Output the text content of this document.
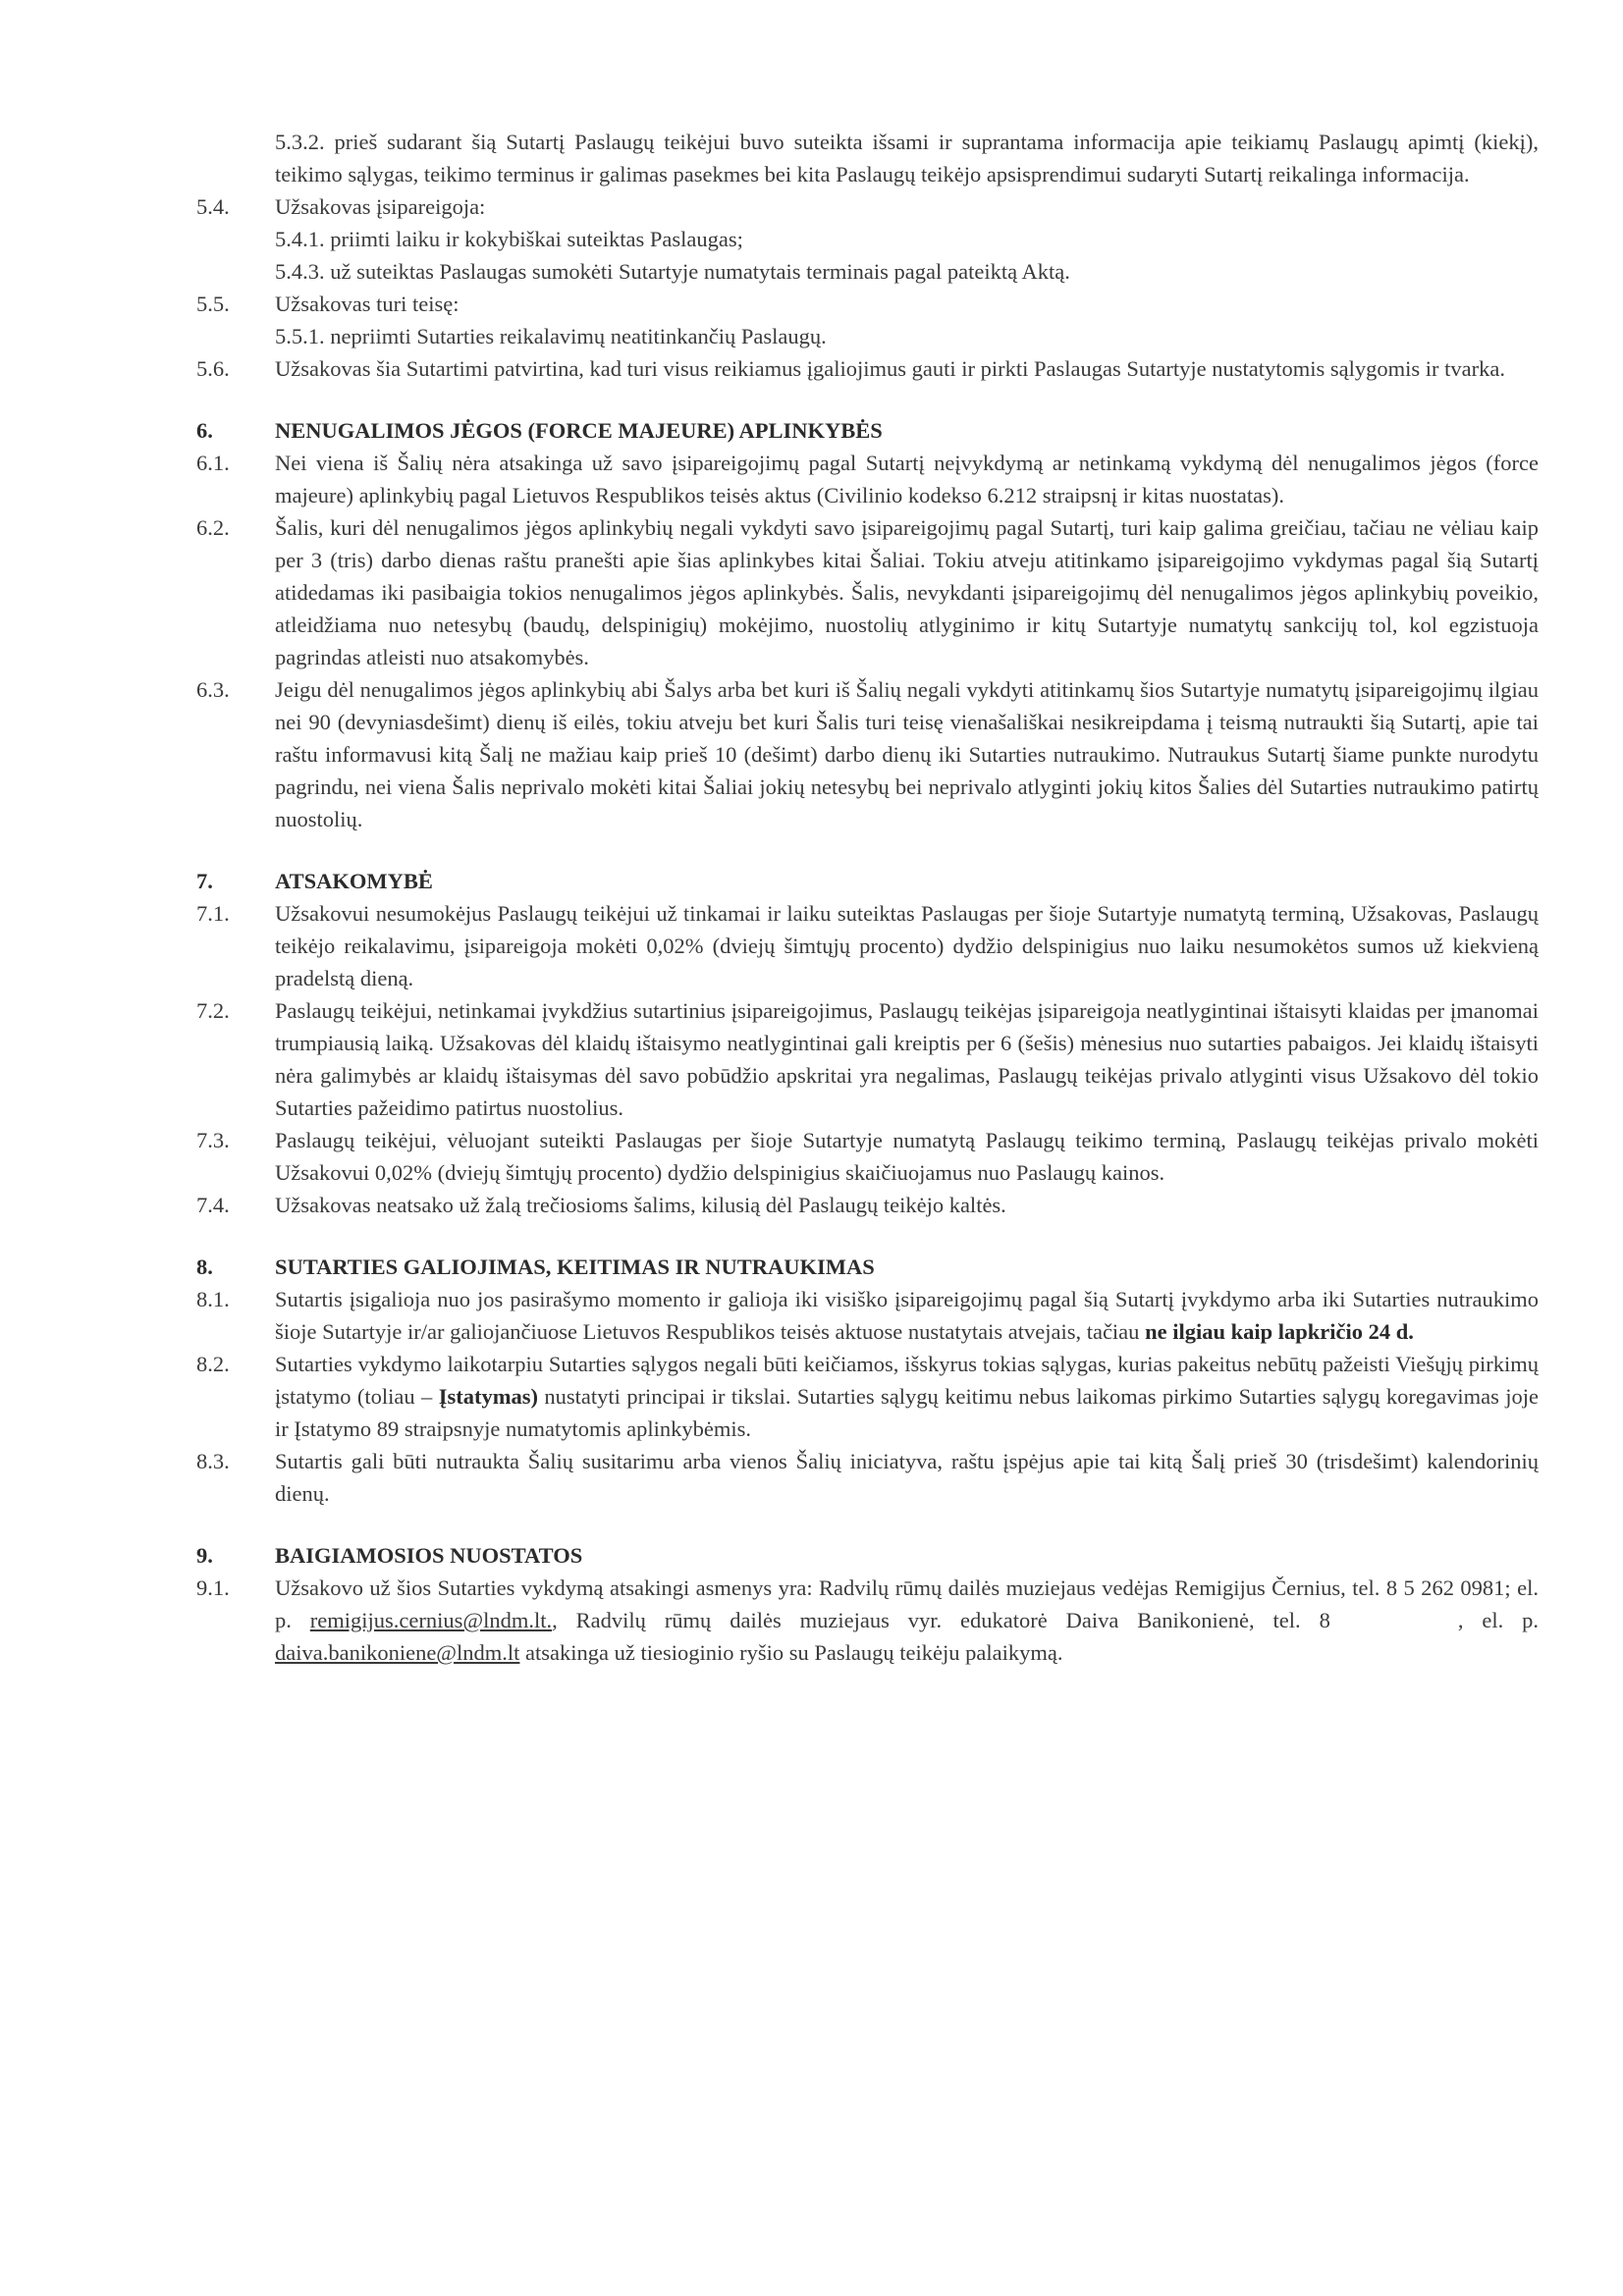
5.3.2. prieš sudarant šią Sutartį Paslaugų teikėjui buvo suteikta išsami ir suprantama informacija apie teikiamų Paslaugų apimtį (kiekį), teikimo sąlygas, teikimo terminus ir galimas pasekmes bei kita Paslaugų teikėjo apsisprendimui sudaryti Sutartį reikalinga informacija.
5.4.	Užsakovas įsipareigoja:
5.4.1. priimti laiku ir kokybiškai suteiktas Paslaugas;
5.4.3. už suteiktas Paslaugas sumokėti Sutartyje numatytais terminais pagal pateiktą Aktą.
5.5.	Užsakovas turi teisę:
5.5.1. nepriimti Sutarties reikalavimų neatitinkančių Paslaugų.
5.6.	Užsakovas šia Sutartimi patvirtina, kad turi visus reikiamus įgaliojimus gauti ir pirkti Paslaugas Sutartyje nustatytomis sąlygomis ir tvarka.
6.	NENUGALIMOS JĖGOS (FORCE MAJEURE) APLINKYBĖS
6.1.	Nei viena iš Šalių nėra atsakinga už savo įsipareigojimų pagal Sutartį neįvykdymą ar netinkamą vykdymą dėl nenugalimos jėgos (force majeure) aplinkybių pagal Lietuvos Respublikos teisės aktus (Civilinio kodekso 6.212 straipsnį ir kitas nuostatas).
6.2.	Šalis, kuri dėl nenugalimos jėgos aplinkybių negali vykdyti savo įsipareigojimų pagal Sutartį, turi kaip galima greičiau, tačiau ne vėliau kaip per 3 (tris) darbo dienas raštu pranešti apie šias aplinkybes kitai Šaliai. Tokiu atveju atitinkamo įsipareigojimo vykdymas pagal šią Sutartį atidedamas iki pasibaigia tokios nenugalimos jėgos aplinkybės. Šalis, nevykdanti įsipareigojimų dėl nenugalimos jėgos aplinkybių poveikio, atleidžiama nuo netesybų (baudų, delspinigių) mokėjimo, nuostolių atlyginimo ir kitų Sutartyje numatytų sankcijų tol, kol egzistuoja pagrindas atleisti nuo atsakomybės.
6.3.	Jeigu dėl nenugalimos jėgos aplinkybių abi Šalys arba bet kuri iš Šalių negali vykdyti atitinkamų šios Sutartyje numatytų įsipareigojimų ilgiau nei 90 (devyniasdešimt) dienų iš eilės, tokiu atveju bet kuri Šalis turi teisę vienašališkai nesikreipdama į teismą nutraukti šią Sutartį, apie tai raštu informavusi kitą Šalį ne mažiau kaip prieš 10 (dešimt) darbo dienų iki Sutarties nutraukimo. Nutraukus Sutartį šiame punkte nurodytu pagrindu, nei viena Šalis neprivalo mokėti kitai Šaliai jokių netesybų bei neprivalo atlyginti jokių kitos Šalies dėl Sutarties nutraukimo patirtų nuostolių.
7.	ATSAKOMYBĖ
7.1.	Užsakovui nesumokėjus Paslaugų teikėjui už tinkamai ir laiku suteiktas Paslaugas per šioje Sutartyje numatytą terminą, Užsakovas, Paslaugų teikėjo reikalavimu, įsipareigoja mokėti 0,02% (dviejų šimtųjų procento) dydžio delspinigius nuo laiku nesumokėtos sumos už kiekvieną pradelstą dieną.
7.2.	Paslaugų teikėjui, netinkamai įvykdžius sutartinius įsipareigojimus, Paslaugų teikėjas įsipareigoja neatlygintinai ištaisyti klaidas per įmanomai trumpiausią laiką. Užsakovas dėl klaidų ištaisymo neatlygintinai gali kreiptis per 6 (šešis) mėnesius nuo sutarties pabaigos. Jei klaidų ištaisyti nėra galimybės ar klaidų ištaisymas dėl savo pobūdžio apskritai yra negalimas, Paslaugų teikėjas privalo atlyginti visus Užsakovo dėl tokio Sutarties pažeidimo patirtus nuostolius.
7.3.	Paslaugų teikėjui, vėluojant suteikti Paslaugas per šioje Sutartyje numatytą Paslaugų teikimo terminą, Paslaugų teikėjas privalo mokėti Užsakovui 0,02% (dviejų šimtųjų procento) dydžio delspinigius skaičiuojamus nuo Paslaugų kainos.
7.4.	Užsakovas neatsako už žalą trečiosioms šalims, kilusią dėl Paslaugų teikėjo kaltės.
8.	SUTARTIES GALIOJIMAS, KEITIMAS IR NUTRAUKIMAS
8.1.	Sutartis įsigalioja nuo jos pasirašymo momento ir galioja iki visiško įsipareigojimų pagal šią Sutartį įvykdymo arba iki Sutarties nutraukimo šioje Sutartyje ir/ar galiojančiuose Lietuvos Respublikos teisės aktuose nustatytais atvejais, tačiau ne ilgiau kaip lapkričio 24 d.
8.2.	Sutarties vykdymo laikotarpiu Sutarties sąlygos negali būti keičiamos, išskyrus tokias sąlygas, kurias pakeitus nebūtų pažeisti Viešųjų pirkimų įstatymo (toliau – Įstatymas) nustatyti principai ir tikslai. Sutarties sąlygų keitimu nebus laikomas pirkimo Sutarties sąlygų koregavimas joje ir Įstatymo 89 straipsnyje numatytomis aplinkybėmis.
8.3.	Sutartis gali būti nutraukta Šalių susitarimu arba vienos Šalių iniciatyva, raštu įspėjus apie tai kitą Šalį prieš 30 (trisdešimt) kalendorinių dienų.
9.	BAIGIAMOSIOS NUOSTATOS
9.1.	Užsakovo už šios Sutarties vykdymą atsakingi asmenys yra: Radvilų rūmų dailės muziejaus vedėjas Remigijus Černius, tel. 8 5 262 0981; el. p. remigijus.cernius@lndm.lt., Radvilų rūmų dailės muziejaus vyr. edukatorė Daiva Banikonienė, tel. 8	, el. p. daiva.banikoniene@lndm.lt atsakinga už tiesioginio ryšio su Paslaugų teikėju palaikymą.
